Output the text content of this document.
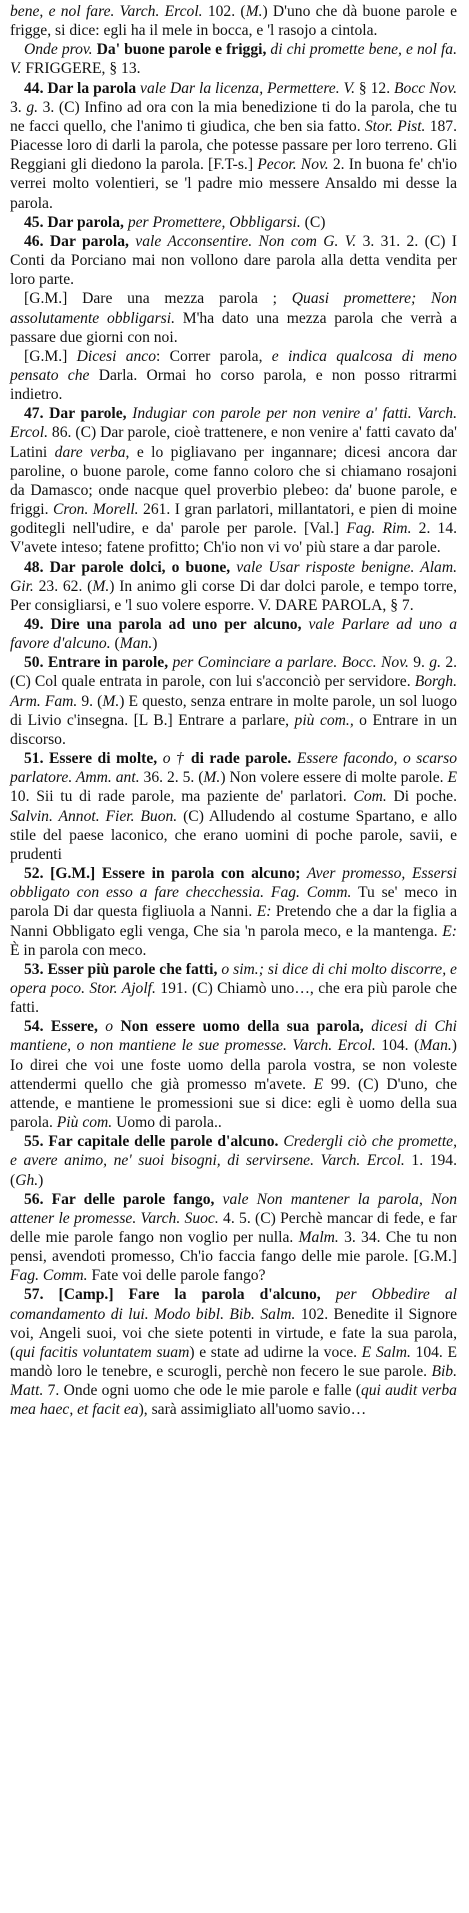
bene, e nol fare. Varch. Ercol. 102. (M.) D'uno che dà buone parole e frigge, si dice: egli ha il mele in bocca, e 'l rasojo a cintola.

Onde prov. Da' buone parole e friggi, di chi promette bene, e nol fa. V. FRIGGERE, § 13.

44. Dar la parola vale Dar la licenza, Permettere. V. § 12. Bocc Nov. 3. g. 3. (C) Infino ad ora con la mia benedizione ti do la parola, che tu ne facci quello, che l'animo ti giudica, che ben sia fatto. Stor. Pist. 187. Piacesse loro di darli la parola, che potesse passare per loro terreno. Gli Reggiani gli diedono la parola. [F.T-s.] Pecor. Nov. 2. In buona fe' ch'io verrei molto volentieri, se 'l padre mio messere Ansaldo mi desse la parola.

45. Dar parola, per Promettere, Obbligarsi. (C)

46. Dar parola, vale Acconsentire. Non com G. V. 3. 31. 2. (C) I Conti da Porciano mai non vollono dare parola alla detta vendita per loro parte.

[G.M.] Dare una mezza parola ; Quasi promettere; Non assolutamente obbligarsi. M'ha dato una mezza parola che verrà a passare due giorni con noi.

[G.M.] Dicesi anco: Correr parola, e indica qualcosa di meno pensato che Darla. Ormai ho corso parola, e non posso ritrarmi indietro.

47. Dar parole, Indugiar con parole per non venire a' fatti. Varch. Ercol. 86. (C) Dar parole, cioè trattenere, e non venire a' fatti cavato da' Latini dare verba, e lo pigliavano per ingannare; dicesi ancora dar paroline, o buone parole, come fanno coloro che si chiamano rosajoni da Damasco; onde nacque quel proverbio plebeo: da' buone parole, e friggi. Cron. Morell. 261. I gran parlatori, millantatori, e pien di moine goditegli nell'udire, e da' parole per parole. [Val.] Fag. Rim. 2. 14. V'avete inteso; fatene profitto; Ch'io non vi vo' più stare a dar parole.

48. Dar parole dolci, o buone, vale Usar risposte benigne. Alam. Gir. 23. 62. (M.) In animo gli corse Di dar dolci parole, e tempo torre, Per consigliarsi, e 'l suo volere esporre. V. DARE PAROLA, § 7.

49. Dire una parola ad uno per alcuno, vale Parlare ad uno a favore d'alcuno. (Man.)

50. Entrare in parole, per Cominciare a parlare. Bocc. Nov. 9. g. 2. (C) Col quale entrata in parole, con lui s'acconciò per servidore. Borgh. Arm. Fam. 9. (M.) E questo, senza entrare in molte parole, un sol luogo di Livio c'insegna. [L B.] Entrare a parlare, più com., o Entrare in un discorso.

51. Essere di molte, o † di rade parole. Essere facondo, o scarso parlatore. Amm. ant. 36. 2. 5. (M.) Non volere essere di molte parole. E 10. Sii tu di rade parole, ma paziente de' parlatori. Com. Di poche. Salvin. Annot. Fier. Buon. (C) Alludendo al costume Spartano, e allo stile del paese laconico, che erano uomini di poche parole, savii, e prudenti

52. [G.M.] Essere in parola con alcuno; Aver promesso, Essersi obbligato con esso a fare checchessia. Fag. Comm. Tu se' meco in parola Di dar questa figliuola a Nanni. E: Pretendo che a dar la figlia a Nanni Obbligato egli venga, Che sia 'n parola meco, e la mantenga. E: È in parola con meco.

53. Esser più parole che fatti, o sim.; si dice di chi molto discorre, e opera poco. Stor. Ajolf. 191. (C) Chiamò uno…, che era più parole che fatti.

54. Essere, o Non essere uomo della sua parola, dicesi di Chi mantiene, o non mantiene le sue promesse. Varch. Ercol. 104. (Man.) Io direi che voi une foste uomo della parola vostra, se non voleste attendermi quello che già promesso m'avete. E 99. (C) D'uno, che attende, e mantiene le promessioni sue si dice: egli è uomo della sua parola. Più com. Uomo di parola..

55. Far capitale delle parole d'alcuno. Credergli ciò che promette, e avere animo, ne' suoi bisogni, di servirsene. Varch. Ercol. 1. 194. (Gh.)

56. Far delle parole fango, vale Non mantener la parola, Non attener le promesse. Varch. Suoc. 4. 5. (C) Perchè mancar di fede, e far delle mie parole fango non voglio per nulla. Malm. 3. 34. Che tu non pensi, avendoti promesso, Ch'io faccia fango delle mie parole. [G.M.] Fag. Comm. Fate voi delle parole fango?

57. [Camp.] Fare la parola d'alcuno, per Obbedire al comandamento di lui. Modo bibl. Bib. Salm. 102. Benedite il Signore voi, Angeli suoi, voi che siete potenti in virtude, e fate la sua parola, (qui facitis voluntatem suam) e state ad udirne la voce. E Salm. 104. E mandò loro le tenebre, e scurogli, perchè non fecero le sue parole. Bib. Matt. 7. Onde ogni uomo che ode le mie parole e falle (qui audit verba mea haec, et facit ea), sarà assimigliato all'uomo savio…
